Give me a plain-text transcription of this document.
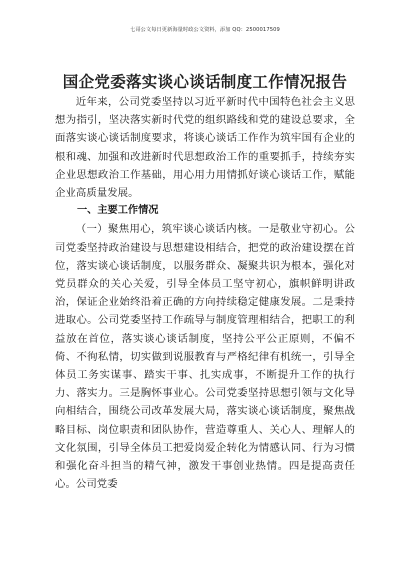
七哥公文每日更新海量时政公文资料，添加 QQ：2500017509
国企党委落实谈心谈话制度工作情况报告

近年来，公司党委坚持以习近平新时代中国特色社会主义思想为指引，坚决落实新时代党的组织路线和党的建设总要求，全面落实谈心谈话制度要求，将谈心谈话工作作为筑牢国有企业的根和魂、加强和改进新时代思想政治工作的重要抓手，持续夯实企业思想政治工作基础，用心用力用情抓好谈心谈话工作，赋能企业高质量发展。

一、主要工作情况

（一）聚焦用心，筑牢谈心谈话内核。一是敬业守初心。公司党委坚持政治建设与思想建设相结合，把党的政治建设摆在首位，落实谈心谈话制度，以服务群众、凝聚共识为根本，强化对党员群众的关心关爱，引导全体员工坚守初心，旗帜鲜明讲政治，保证企业始终沿着正确的方向持续稳定健康发展。二是秉持进取心。公司党委坚持工作疏导与制度管理相结合，把职工的利益放在首位，落实谈心谈话制度，坚持公平公正原则，不偏不倚、不徇私情，切实做到说服教育与严格纪律有机统一，引导全体员工务实谋事、踏实干事、扎实成事，不断提升工作的执行力、落实力。三是胸怀事业心。公司党委坚持思想引领与文化导向相结合，围绕公司改革发展大局，落实谈心谈话制度，聚焦战略目标、岗位职责和团队协作，营造尊重人、关心人、理解人的文化氛围，引导全体员工把爱岗爱企转化为情感认同、行为习惯和强化奋斗担当的精气神，激发干事创业热情。四是提高责任心。公司党委
